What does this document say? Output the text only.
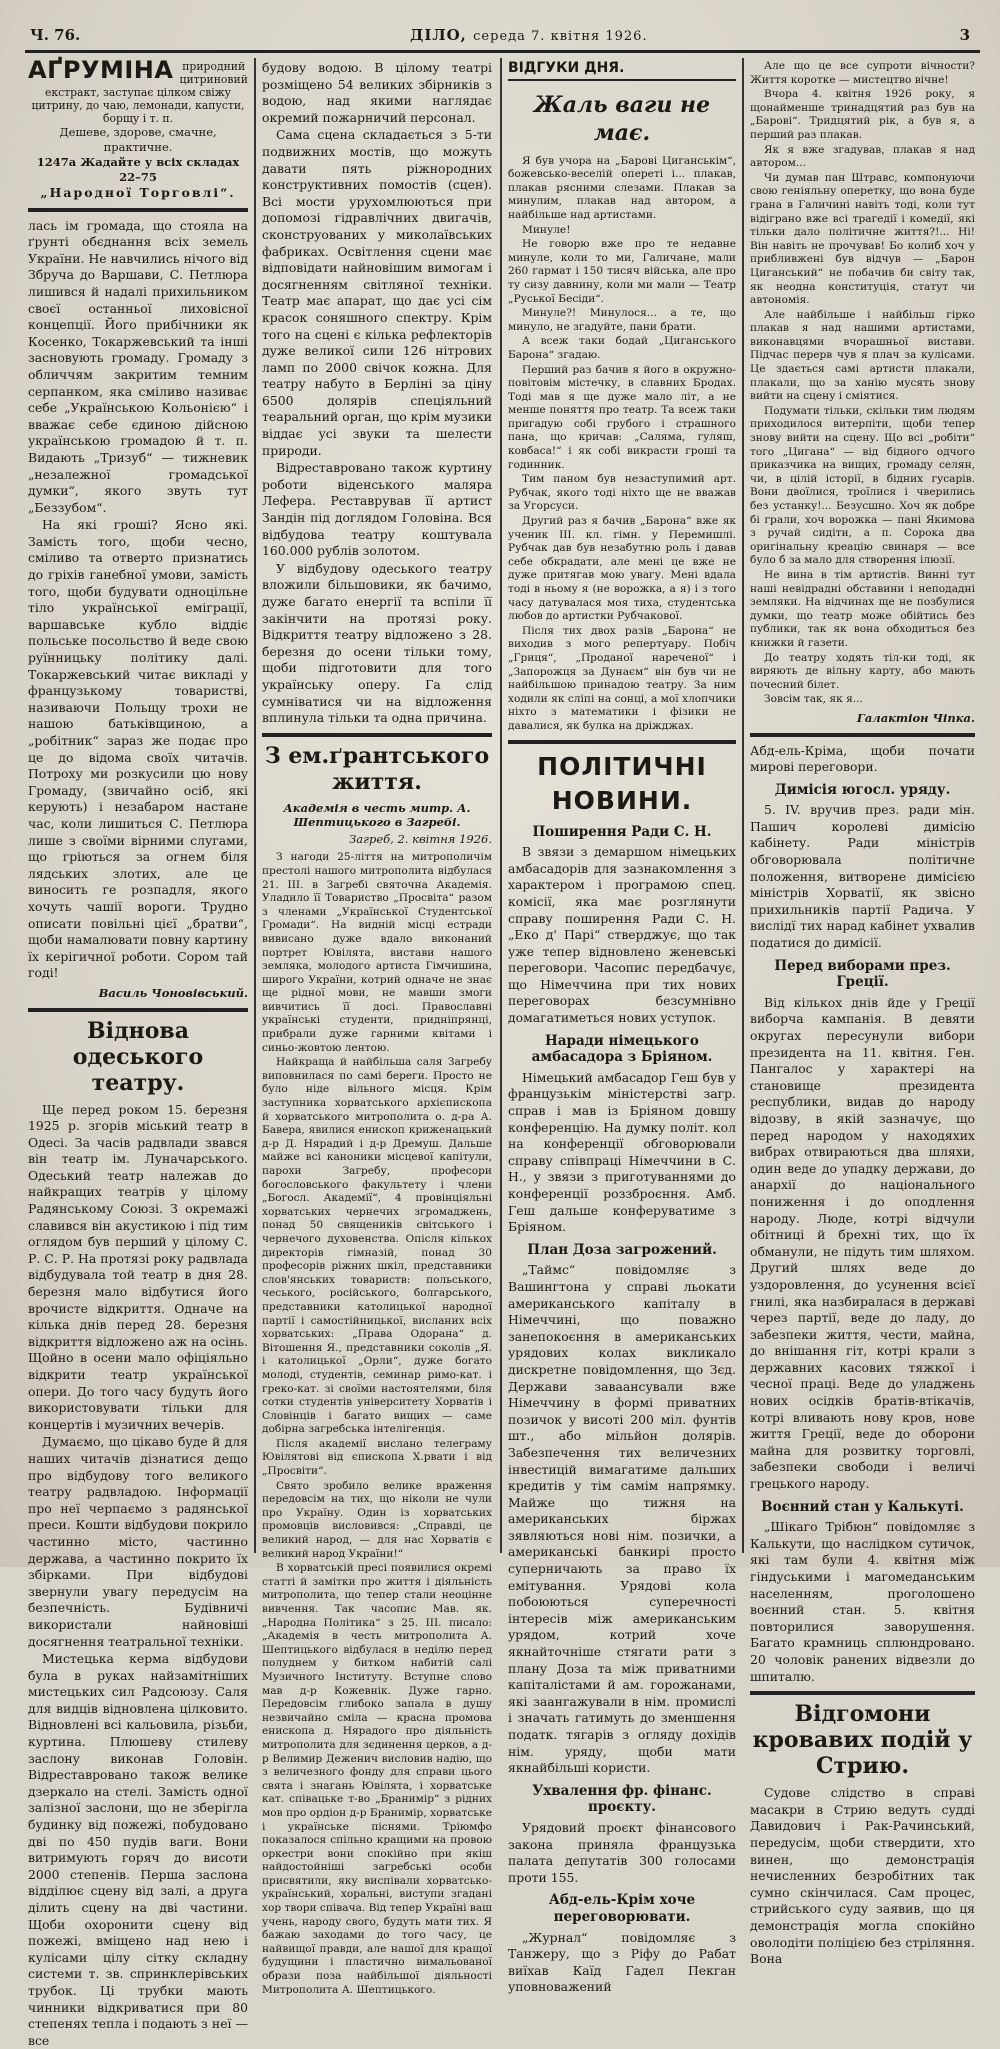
Ч. 76.	ДІЛО, середа 7. квітня 1926.	3
АҐРУМІНА природний цитриновий екстракт, заступає цілком свіжу цитрину, до чаю, лемонади, капусти, борщу і т. п.
Дешеве, здорове, смачне, практичне.
1247а Жадайте у всіх складах 22–75
„Народної Торговлі“.

лась ім громада, що стояла на ґрунті обєднання всіх земель України. Не навчились нічого від Збруча до Варшави, С. Петлюра лишився й надалі прихильником своєї останньої лиховісної концепції. Його прибічники як Косенко, Токаржевський та інші засновують громаду. Громаду з обличчям закритим темним серпанком, яка сміливо називає себе „Українською Кольонією“ і вважає себе єдиною дійсною українською громадою й т. п. Видають „Тризуб“ — тижневик „незалежної громадської думки“, якого звуть тут „Беззубом“.

На які гроші? Ясно які. Замість того, щоби чесно, сміливо та отверто признатись до гріхів ганебної умови, замість того, щоби будувати одноцільне тіло української еміграції, варшавське кубло віддіє польське посольство й веде свою руїнницьку політику далі. Токаржевський читає викладі у французькому товаристві, називаючи Польщу трохи не нашою батьківщиною, а „робітник“ зараз же подає про це до відома своїх читачів. Потроху ми розкусили цю нову Громаду, (звичайно осіб, які керують) і незабаром настане час, коли лишиться С. Петлюра лише з своїми вірними слугами, що гріються за огнем біля лядських злотих, але це виносить ге розпадля, якого хочуть чашії вороги. Трудно описати повільні цієї „братви“, щоби намалювати повну картину їх керігичної роботи. Сором тай годі!

Василь Чоновівський.
Віднова одеського театру.

Ще перед роком 15. березня 1925 р. згорів міський театр в Одесі. За часів радвлади звався він театр ім. Луначарського. Одеський театр належав до найкращих театрів у цілому Радянському Союзі. З окремажі славився він акустикою і під тим оглядом був перший у цілому С. Р. С. Р. На протязі року радвлада відбудувала той театр в дня 28. березня мало відбутися його врочисте відкриття. Одначе на кілька днів перед 28. березня відкриття відложено аж на осінь. Щойно в осени мало офіціяльно відкрити театр української опери. До того часу будуть його використовувати тільки для концертів і музичних вечерів.

Думаємо, що цікаво буде й для наших читачів дізнатися дещо про відбудову того великого театру радвладою. Інформації про неї черпаємо з радянської преси. Кошти відбудови покрило частинно місто, частинно держава, а частинно покрито їх збірками. При відбудові звернули увагу передусім на безпечність. Будівничі використали найновіші досягнення театральної техніки.

Мистецька керма відбудови була в руках найзамітніших мистецьких сил Радсоюзу. Саля для видців відновлена цілковито. Відновлені всі кальовила, різьби, куртина. Плюшеву стилеву заслону виконав Головін. Відреставровано також велике дзеркало на стелі. Замість одної залізної заслони, що не зберігла будинку від пожежі, побудовано дві по 450 пудів ваги. Вони витримують горяч до висоти 2000 степенів. Перша заслона відділює сцену від залі, а друга ділить сцену на дві частини. Щоби охоронити сцену від пожежі, вміщено над нею і кулісами цілу сітку складну системи т. зв. спринклерівських трубок. Ці трубки мають чинники відкриватися при 80 степенях тепла і подають з неї — все

будову водою. В цілому театрі розміщено 54 великих збірників з водою, над якими наглядає окремий пожарничий персонал.

Сама сцена складається з 5-ти подвижних мостів, що можуть давати пять ріжнородних конструктивних помостів (сцен). Всі мости урухомлюються при допомозі гідравлічних двигачів, сконструованих у миколаївських фабриках. Освітлення сцени має відповідати найновішим вимогам і досягненням світляної техніки. Театр має апарат, що дає усі сім красок соняшного спектру. Крім того на сцені є кілька рефлекторів дуже великої сили 126 нітрових ламп по 2000 свічок кожна. Для театру набуто в Берліні за ціну 6500 долярів спеціяльний теаральний орган, що крім музики віддає усі звуки та шелести природи.

Відреставровано також куртину роботи віденського маляра Лефера. Реставрував її артист Зандін під доглядом Головіна. Вся відбудова театру коштувала 160.000 рублів золотом.

У відбудову одеського театру вложили більшовики, як бачимо, дуже багато енергії та вспіли її закінчити на протязі року. Відкриття театру відложено з 28. березня до осени тільки тому, щоби підготовити для того українську оперу. Га слід сумніватися чи на відложення вплинула тільки та одна причина.

З ем.ґрантського життя.
Академія в честь митр. А. Шептицького в Загребі.
Загреб, 2. квітня 1926.

З нагоди 25-ліття на митрополичім престолі нашого митрополита відбулася 21. III. в Загребі святочна Академія. Уладило її Товариство „Просвіта“ разом з членами „Української Студентської Громади“. На видній місці естради вивисано дуже вдало виконаний портрет Ювілята, вистави нашого земляка, молодого артиста Гімчишина, широго України, котрий одначе не знає ще рідної мови, не мавши змоги вивчитись її досі. Православні українські студенти, придніпрянці, прибрали дуже гарними квітами і синьо-жовтою лентою.

Найкраща й найбільша саля Загребу виповнилася по самі береги. Просто не було ніде вільного місця. Крім заступника хорватського архієпископа й хорватського митрополита о. д-ра А. Бавера, явилися енископ криженацький д-р Д. Нярадий і д-р Дремуш. Дальше майже всі каноники місцевої капітули, парохи Загребу, професори богословського факультету і члени „Богосл. Академії“, 4 провінціяльні хорватських чернечих згромаджень, понад 50 священиків світського і чернечого духовенства. Опісля кількох директорів гімназій, понад 30 професорів ріжних шкіл, представники слов'янських товариств: польського, чеського, російського, болгарського, представники католицької народної партії і самостійницької, висланих всіх хорватських: „Права Одорана“ д. Вітошення Я., представники соколів „Я. і католицької „Орли“, дуже богато молоді, студентів, семинар римо-кат. і греко-кат. зі своїми настоятелями, біля сотки студентів університету Хорватів і Словінців і багато вищих — саме добірна загребська інтелігенція.

Після академії вислано телеграму Ювілятові від єпископа Х.рвати і від „Просвіти“.

Свято зробило велике враження передовсім на тих, що ніколи не чули про Україну. Один із хорватських промовців висловився: „Справді, це великий народ, — для нас Хорватів є великий народ України!“

В хорватській пресі появилися окремі статті й замітки про життя і діяльність митрополита, що тепер стали неоцінне вивчення. Так часопис Мав. як. „Народна Політика“ з 25. III. писало: „Академія в честь митрополита А. Шептицького відбулася в неділю перед полуднем у битком набитій салі Музичного Інституту. Вступне слово мав д-р Кожевнік. Дуже гарно. Передовсім глибоко запала в душу незвичайно сміла — красна промова енископа д. Нярадого про діяльність митрополита для зєдинення церков, а д-р Велимир Деженич висловив надію, що з величезного фонду для справи цього свята і знагань Ювілята, і хорватське кат. співацьке т-во „Бранимір“ з рідних мов про ордіон д-р Бранимір, хорватське і українське піснями. Тріюмфо показалося спільно кращими на провою оркестри вони спокійно при якіш найдостойніші загребські особи присвятили, яку виспівали хорватсько-український, хоральні, виступи згадані хор твори співача. Від тепер Україні ваш учень, народу свого, будуть мати тих. Я бажаю заходами до того часу, це найвищої правди, але нашої для кращої будущини і пластично вимальованої образи поза найбільшої діяльності Митрополита А. Шептицького.

ВІДГУКИ ДНЯ.
Жаль ваги не має.

Я був учора на „Барові Циганськім“, божевсько-веселій опереті і... плакав, плакав рясними слезами. Плакав за минулим, плакав над автором, а найбільше над артистами.

Минуле!

Не говорю вже про те недавне минуле, коли то ми, Галичане, мали 260 гармат і 150 тисяч війська, але про ту сизу давнину, коли ми мали — Театр „Руської Бесіди“.

Минуле?! Минулося... а те, що минуло, не згадуйте, пани брати.

А всеж таки бодай „Циганського Барона“ згадаю.

Перший раз бачив я його в окружно-повітовім містечку, в славних Бродах. Тоді мав я ще дуже мало літ, а не менше поняття про театр. Та всеж таки пригадую собі грубого і страшного пана, що кричав: „Саляма, гуляш, ковбаса!“ і як собі викрасти гроші та годинник.

Тим паном був незаступимий арт. Рубчак, якого тоді ніхто ще не вважав за Угорсуси.

Другий раз я бачив „Барона“ вже як ученик III. кл. гімн. у Перемишлі. Рубчак дав був незабутню роль і давав себе обкрадати, але мені це вже не дуже притягав мою увагу. Мені вдала тоді в ньому я (не ворожка, а я) і з того часу датувалася моя тиха, студентська любов до артистки Рубчакової.

Після тих двох разів „Барона“ не виходив з мого репертуару. Побіч „Гриця“, „Проданої нареченої“ і „Запорожця за Дунаєм“ він був чи не найбільшою принадою театру. За ним ходили як сліпі на сонці, а мої хлопчики ніхто з математики і фізики не давалися, як булка на дріжджах.

ПОЛІТИЧНІ НОВИНИ.
Поширення Ради С. Н.

В звязи з демаршом німецьких амбасадорів для зазнакомлення з характером і програмою спец. комісії, яка має розглянути справу поширення Ради С. Н. „Еко д' Парі“ стверджує, що так уже тепер відновлено женевські переговори. Часопис передбачує, що Німеччина при тих нових переговорах безсумнівно домагатиметься нових уступок.

Наради німецького амбасадора з Бріяном.

Німецький амбасадор Геш був у французькім міністерстві загр. справ і мав із Бріяном довшу конференцію. На думку політ. кол на конференції обговорювали справу співпраці Німеччини в С. Н., у звязи з приготуваннями до конференції роззброєння. Амб. Геш дальше конферуватиме з Бріяном.

План Доза загрожений.

„Таймс“ повідомляє з Вашингтона у справі льокати американського капіталу в Німеччині, що поважно занепокоєння в американських урядових колах викликало дискретне повідомлення, що Зєд. Держави заваансували вже Німеччину в формі приватних позичок у висоті 200 міл. фунтів шт., або мільйон долярів. Забезпечення тих величезних інвестицій вимагатиме дальших кредитів у тім самім напрямку. Майже що тижня на американських біржах зявляються нові нім. позички, а американські банкирі просто суперничають за право їх емітування. Урядові кола побоюються суперечності інтересів між американським урядом, котрий хоче якнайточніше стягати рати з плану Доза та між приватними капіталістами й ам. горожанами, які заангажували в нім. промислі і значать гатимуть до зменшення податк. тягарів з огляду дохідів нім. уряду, щоби мати якнайбільші користи.

Ухвалення фр. фінанс. проєкту.

Урядовий проєкт фінансового закона приняла французька палата депутатів 300 голосами проти 155.

Абд-ель-Крім хоче переговорювати.

„Журнал“ повідомляє з Танжеру, що з Ріфу до Рабат виїхав Каїд Гадел Пекган уповноважений

Але що це все супроти вічности? Життя коротке — мистецтво вічне!

Вчора 4. квітня 1926 року, я щонайменше тринадцятий раз був на „Барові“. Тридцятий рік, а був я, а перший раз плакав.

Як я вже згадував, плакав я над автором...

Чи думав пан Штравс, компонуючи свою геніяльну оперетку, що вона буде грана в Галичині навіть тоді, коли тут відіграно вже всі трагедії і комедії, які тільки дало політичне життя?!... Ні! Він навіть не прочував! Бо колиб хоч у прибливжені був відчув — „Барон Циганський“ не побачив би світу так, як неодна конституція, статут чи автономія.

Але найбільше і найбільш гірко плакав я над нашими артистами, виконавцями вчорашньої вистави. Підчас перерв чув я плач за кулісами. Це здається самі артисти плакали, плакали, що за ханію мусять знову вийти на сцену і сміятися.

Подумати тільки, скільки тим людям приходилося витерпіти, щоби тепер знову вийти на сцену. Що всі „робіти“ того „Цигана“ — від бідного одчого приказчика на вищих, громаду селян, чи, в цілій історії, в бідних гусарів. Вони двоїлися, троїлися і чверились без устанку!... Безусшно. Хоч як добре бі грали, хоч ворожка — пані Якимова з ручай сидіти, а п. Сорока два оригінальну креацію свинаря — все було б за мало для створення ілюзії.

Не вина в тім артистів. Винні тут наші невідрадні обставини і неподадні земляки. На відчинах ще не позбулися думки, що театр може обійтись без публики, так як вона обходиться без книжки й газети.

До театру ходять тіл-ки тоді, як виряють де вільну карту, або мають почесний білет.

Зовсім так, як я...

Галактіон Чіпка.

Абд-ель-Кріма, щоби почати мирові переговори.

Димісія югосл. уряду.

5. IV. вручив през. ради мін. Пашич королеві димісію кабінету. Ради міністрів обговорювала політичне положення, витворене димісією міністрів Хорватії, як звісно прихильників партії Радича. У вислідї тих нарад кабінет ухвалив податися до димісії.

Перед виборами през. Греції.

Від кількох днів йде у Греції виборча кампанія. В девяти округах пересунули вибори президента на 11. квітня. Ген. Пангалос у характері на становище президента республики, видав до народу відозву, в якій зазначує, що перед народом у находяхих вибрах отвираються два шляхи, один веде до упадку держави, до анархії до національного пониження і до оподлення народу. Люде, котрі відчули обітниці й брехні тих, що їх обманули, не підуть тим шляхом. Другий шлях веде до уздоровлення, до усунення всієї гнилі, яка назбиралася в державі через партії, веде до ладу, до забезпеки життя, чести, майна, до внішання гіт, котрі крали з державних касових тяжкої і чесної праці. Веде до уладжень нових осідків братів-втікачів, котрі вливають нову кров, нове життя Греції, веде до оборони майна для розвитку торговлі, забезпеки свободи і величі грецького народу.

Воєнний стан у Калькуті.

„Шікаго Трібюн“ повідомляє з Калькути, що наслідком сутичок, які там були 4. квітня між гіндуськими і магомеданським населенням, проголошено воєнний стан. 5. квітня повторилися заворушення. Багато крамниць сплюндровано. 20 чоловік ранених відвезли до шпиталю.

Відгомони кровавих подій у Стрию.

Судове слідство в справі масакри в Стрию ведуть судді Давидович і Рак-Рачинський, передусім, щоби ствердити, хто винен, що демонстрація нечисленних безробітних так сумно скінчилася. Сам процес, стрийського суду заявив, що ця демонстрація могла спокійно оволодіти поліцією без стріляння. Вона
